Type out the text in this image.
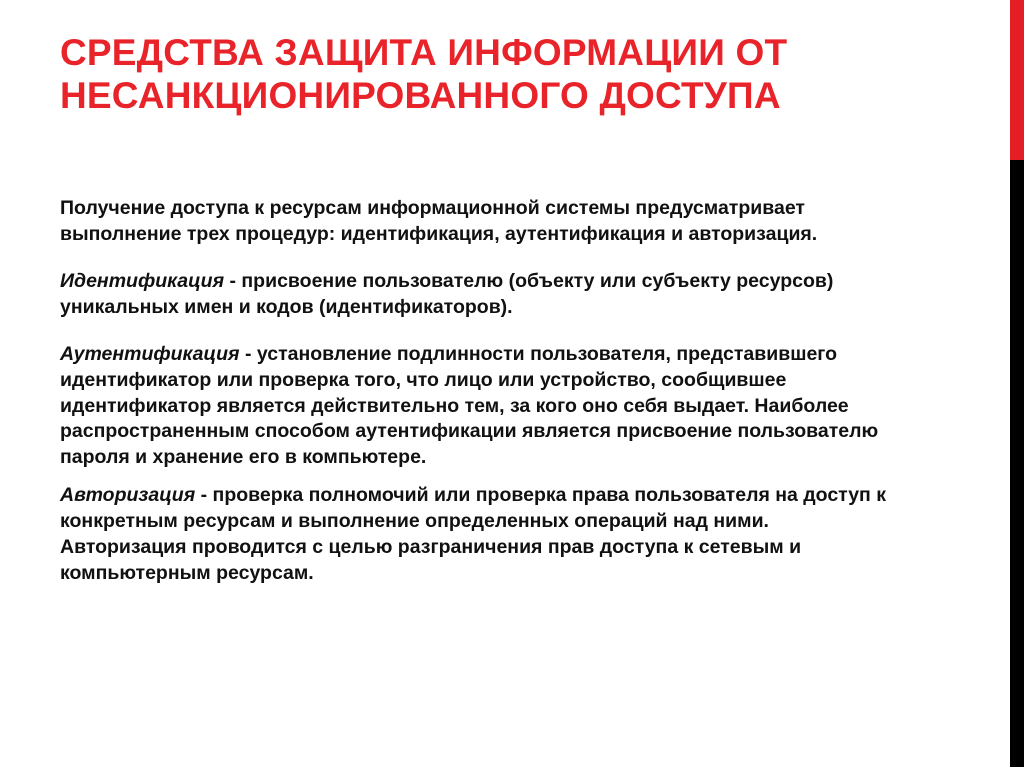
СРЕДСТВА ЗАЩИТА ИНФОРМАЦИИ ОТ НЕСАНКЦИОНИРОВАННОГО ДОСТУПА

Получение доступа к ресурсам информационной системы предусматривает выполнение трех процедур: идентификация, аутентификация и авторизация.

Идентификация - присвоение пользователю (объекту или субъекту ресурсов) уникальных имен и кодов (идентификаторов).

Аутентификация - установление подлинности пользователя, представившего идентификатор или проверка того, что лицо или устройство, сообщившее идентификатор является действительно тем, за кого оно себя выдает. Наиболее распространенным способом аутентификации является присвоение пользователю пароля и хранение его в компьютере.

Авторизация - проверка полномочий или проверка права пользователя на доступ к конкретным ресурсам и выполнение определенных операций над ними. Авторизация проводится с целью разграничения прав доступа к сетевым и компьютерным ресурсам.
